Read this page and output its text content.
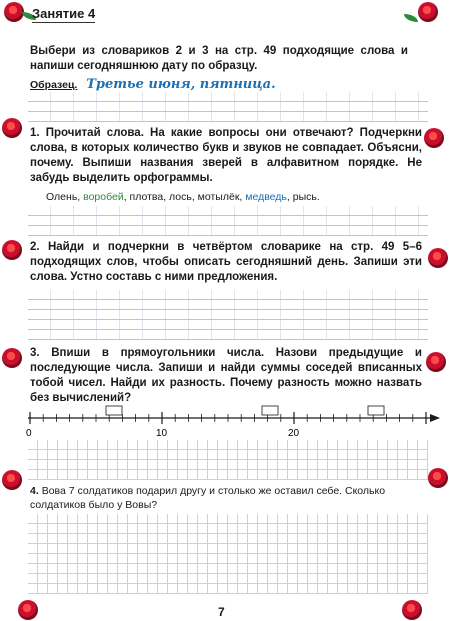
Занятие 4
Выбери из словариков 2 и 3 на стр. 49 подходящие слова и напиши сегодняшнюю дату по образцу.
Образец. Третье июня, пятница.
1. Прочитай слова. На какие вопросы они отвечают? Подчеркни слова, в которых количество букв и звуков не совпадает. Объясни, почему. Выпиши названия зверей в алфавитном порядке. Не забудь выделить орфограммы.
Олень, воробей, плотва, лось, мотылёк, медведь, рысь.
2. Найди и подчеркни в четвёртом словарике на стр. 49 5–6 подходящих слов, чтобы описать сегодняшний день. Запиши эти слова. Устно составь с ними предложения.
3. Впиши в прямоугольники числа. Назови предыдущие и последующие числа. Запиши и найди суммы соседей вписанных тобой чисел. Найди их разность. Почему разность можно назвать без вычислений?
0	10	20
4. Вова 7 солдатиков подарил другу и столько же оставил себе. Сколько солдатиков было у Вовы?
7
